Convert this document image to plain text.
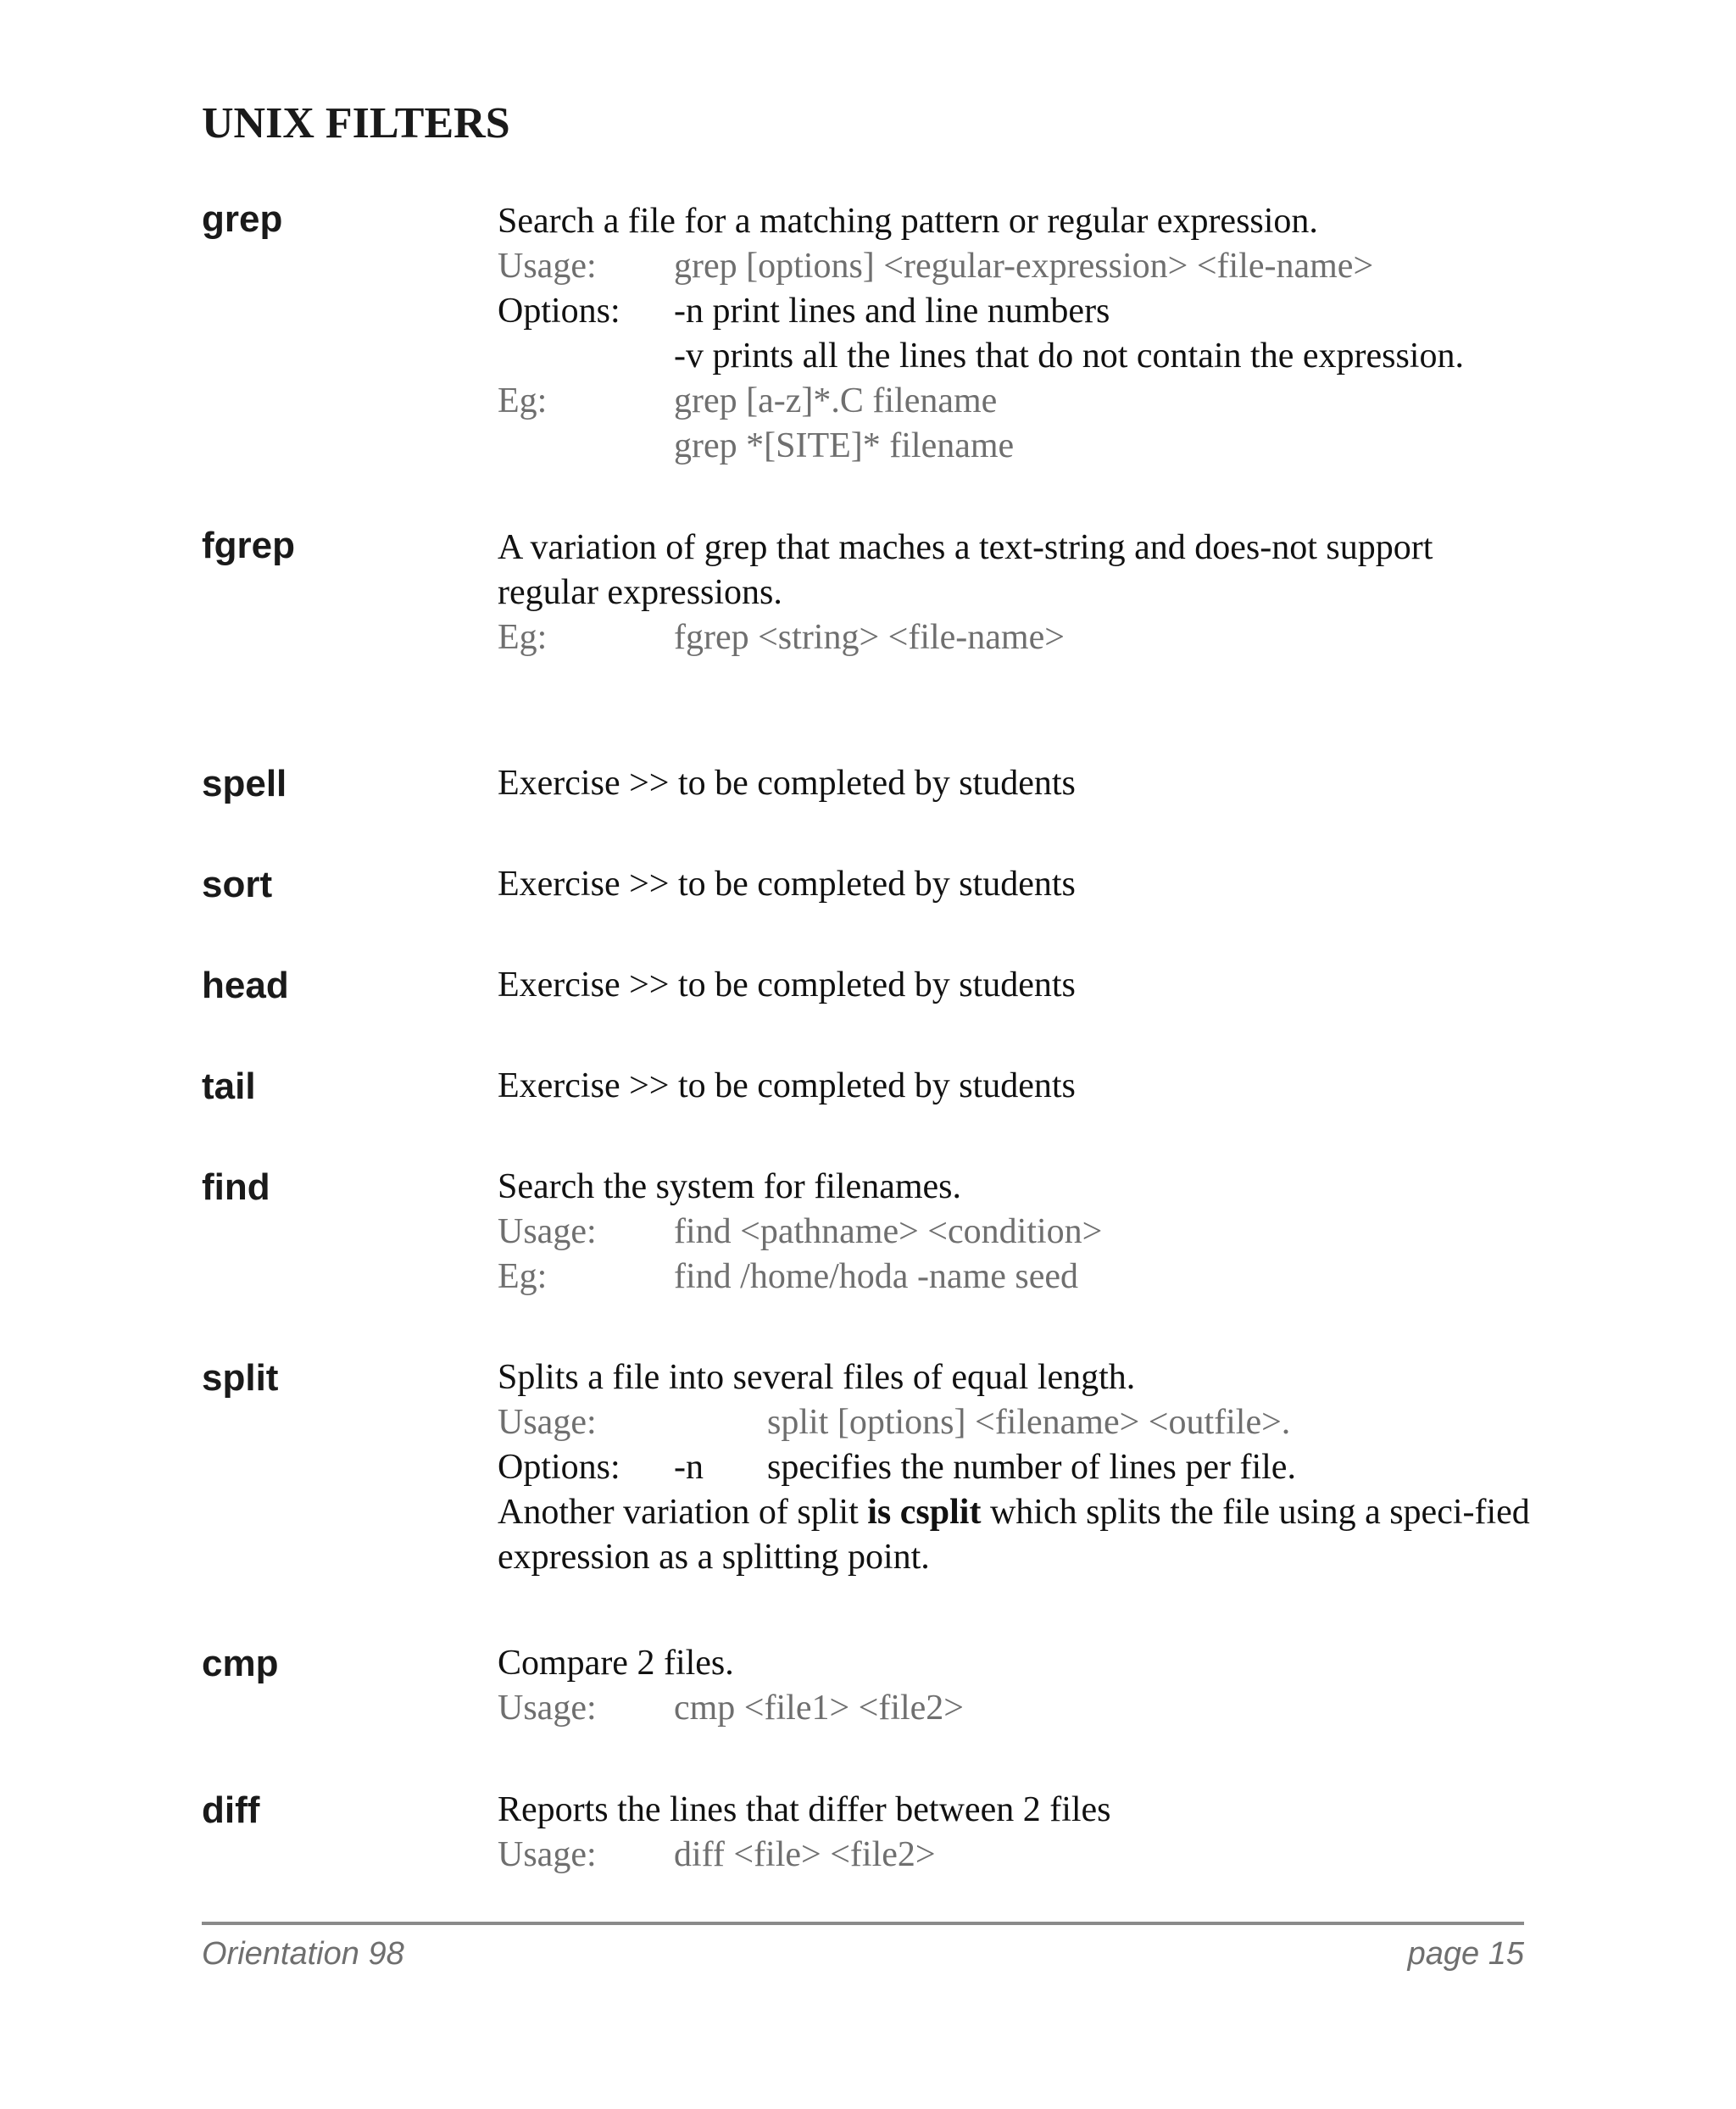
UNIX FILTERS
grep	Search a file for a matching pattern or regular expression.
Usage: grep [options] <regular-expression> <file-name>
Options: -n print lines and line numbers
-v prints all the lines that do not contain the expression.
Eg:	grep [a-z]*.C filename
grep *[SITE]* filename
fgrep	A variation of grep that maches a text-string and does-not support regular expressions.
Eg:	fgrep <string> <file-name>
spell	Exercise >> to be completed by students
sort	Exercise >> to be completed by students
head	Exercise >> to be completed by students
tail	Exercise >> to be completed by students
find	Search the system for filenames.
Usage: find <pathname> <condition>
Eg:	find /home/hoda -name seed
split	Splits a file into several files of equal length.
Usage:	split [options] <filename> <outfile>.
Options: -n specifies the number of lines per file.
Another variation of split is csplit which splits the file using a speci-fied expression as a splitting point.
cmp	Compare 2 files.
Usage: cmp <file1> <file2>
diff	Reports the lines that differ between 2 files
Usage: diff <file> <file2>
Orientation 98	page 15
